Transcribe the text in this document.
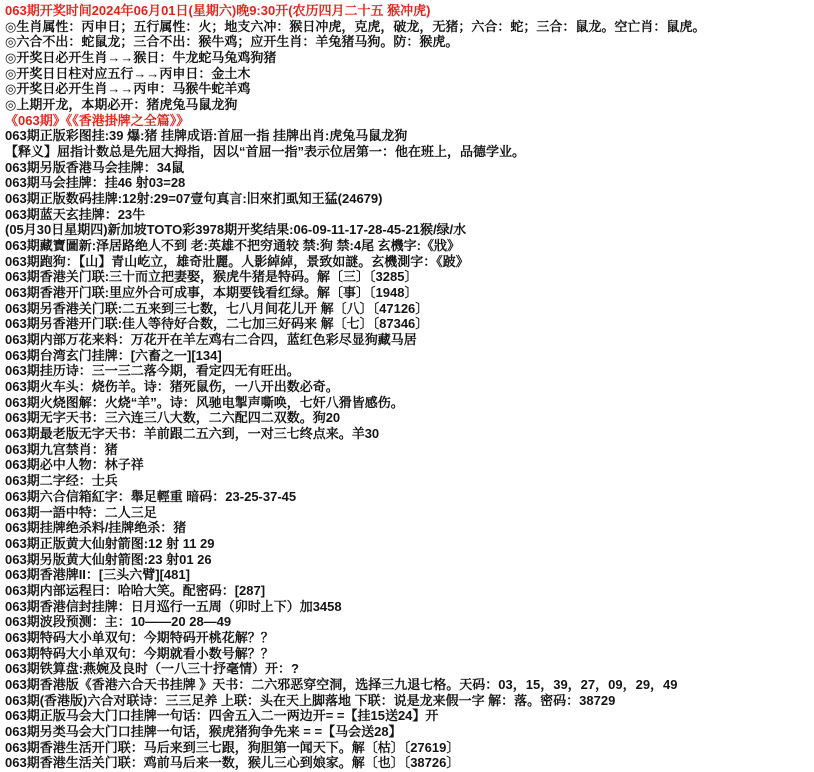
063期开奖时间2024年06月01日(星期六)晚9:30开(农历四月二十五 猴冲虎)
◎生肖属性：丙申日；五行属性：火；地支六冲：猴日冲虎，克虎，破龙，无猪；六合：蛇；三合：鼠龙。空亡肖：鼠虎。
◎六合不出：蛇鼠龙；三合不出：猴牛鸡；应开生肖：羊兔猪马狗。防：猴虎。
◎开奖日必开生肖→→猴日：牛龙蛇马兔鸡狗猪
◎开奖日日柱对应五行→→丙申日：金土木
◎开奖日必开生肖→→丙申：马猴牛蛇羊鸡
◎上期开龙，本期必开：猪虎兔马鼠龙狗
《063期》《《香港掛牌之全篇》》
063期正版彩图挂:39 爆:猪 挂牌成语:首屈一指 挂牌出肖:虎兔马鼠龙狗
【释义】屈指计数总是先屈大拇指，因以“首屈一指”表示位居第一：他在班上，品德学业。
063期另版香港马会挂牌：34鼠
063期马会挂牌：挂46 射03=28
063期正版数码挂牌:12射:29=07壹句真言:旧來扪虱知王猛(24679)
063期蓝天玄挂牌：23牛
(05月30日星期四)新加坡TOTO彩3978期开奖结果:06-09-11-17-28-45-21猴/绿/水
063期藏寶圖新:泽居路绝人不到 老:英雄不把穷通较 禁:狗 禁:4尾 玄機字:《戕》
063期跑狗：【山】青山屹立，雄奇壯麗。人影綽綽，景致如謎。玄機測字：《跛》
063期香港关门联:三十而立把妻娶，猴虎牛猪是特码。解〔三〕〔3285〕
063期香港开门联:里应外合可成事，本期要钱看红绿。解〔事〕〔1948〕
063期另香港关门联:二五来到三七数，七八月间花儿开 解〔八〕〔47126〕
063期另香港开门联:佳人等待好合数，二七加三好码来 解〔七〕〔87346〕
063期内部万花来料：万花开在羊左鸡右二合四，蓝红色彩尽显狗藏马居
063期台湾玄门挂牌：[六畜之一][134]
063期挂历诗：三一三二落今期，看定四无有旺出。
063期火车头：烧伤羊。诗：猪死鼠伤，一八开出数必奇。
063期火烧图解：火烧“羊”。诗：风驰电掣声嘶唤，七奸八猾皆感伤。
063期无字天书：三六连三八大数，二六配四二双数。狗20
063期最老版无字天书：羊前跟二五六到，一对三七终点来。羊30
063期九宫禁肖：猪
063期必中人物：林子祥
063期二字经：士兵
063期六合信箱紅字：舉足輕重 暗码：23-25-37-45
063期一語中特：二人三足
063期挂牌绝杀料/挂牌绝杀：猪
063期正版黄大仙射箭图:12 射 11 29
063期另版黄大仙射箭图:23 射01 26
063期香港牌II：[三头六臂][481]
063期内部运程曰：哈哈大笑。配密码：[287]
063期香港信封挂牌：日月巡行一五周（卯时上下）加3458
063期波段预测：主：10——20 28—49
063期特码大小单双句：今期特码开桃花解？？
063期特码大小单双句：今期就看小数号解？？
063期铁算盘:燕婉及良时（一八三十抒毫情）开：?
063期香港版《香港六合天书挂牌 》天书：二六邪恶穿空洞，选择三九退七格。天码：03，15，39，27，09，29，49
063期(香港版)六合对联诗：三三足养 上联：头在天上脚落地 下联：说是龙来假一字 解：落。密码：38729
063期正版马会大门口挂牌一句话：四舍五入二一两边开= =【挂15送24】开
063期另类马会大门口挂牌一句话，猴虎猪狗争先来 = =【马会送28】
063期香港生活开门联：马后来到三七跟，狗胆第一闻天下。解〔枯〕〔27619〕
063期香港生活关门联：鸡前马后来一数，猴儿三心到娘家。解〔也〕〔38726〕
